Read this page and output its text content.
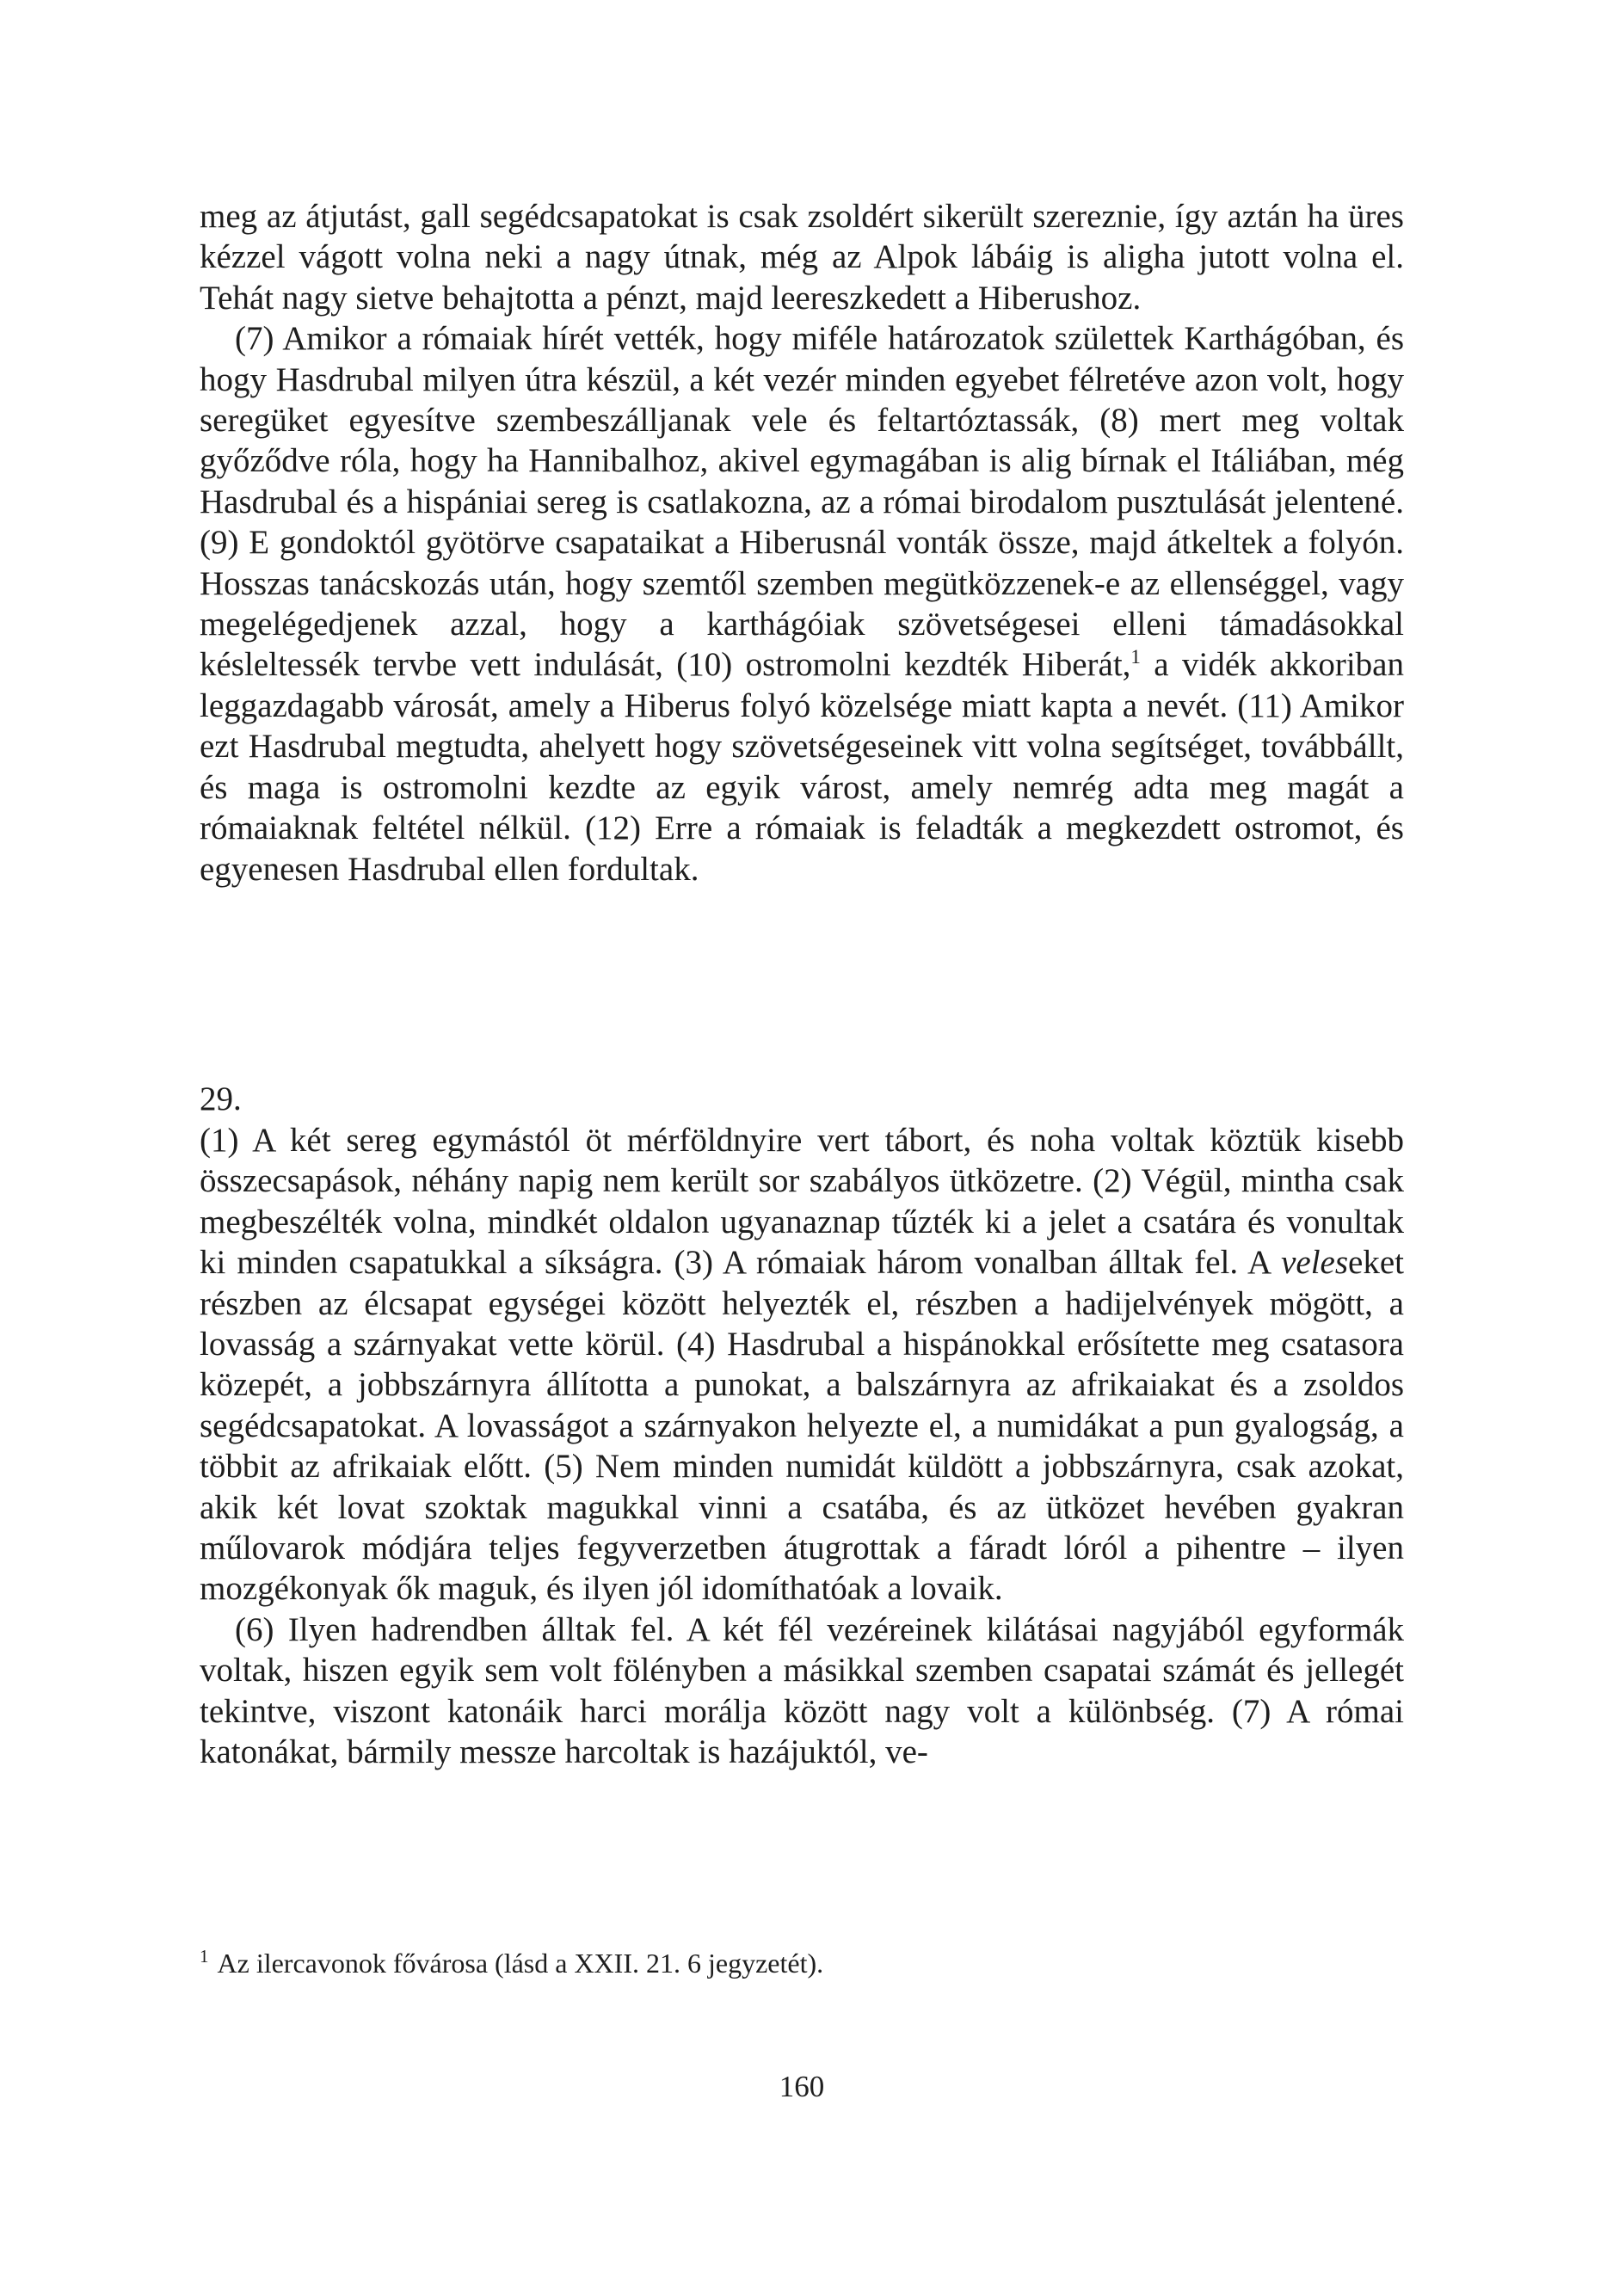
meg az átjutást, gall segédcsapatokat is csak zsoldért sikerült szereznie, így aztán ha üres kézzel vágott volna neki a nagy útnak, még az Alpok lábáig is aligha jutott volna el. Tehát nagy sietve behajtotta a pénzt, majd leereszkedett a Hiberushoz.

(7) Amikor a rómaiak hírét vették, hogy miféle határozatok születtek Karthágóban, és hogy Hasdrubal milyen útra készül, a két vezér minden egyebet félretéve azon volt, hogy seregüket egyesítve szembeszálljanak vele és feltartóztassák, (8) mert meg voltak győződve róla, hogy ha Hannibalhoz, akivel egymagában is alig bírnak el Itáliában, még Hasdrubal és a hispániai sereg is csatlakozna, az a római birodalom pusztulását jelentené. (9) E gondoktól gyötörve csapataikat a Hiberusnál vonták össze, majd átkeltek a folyón. Hosszas tanácskozás után, hogy szemtől szemben megütközzenek-e az ellenséggel, vagy megelégedjenek azzal, hogy a karthágóiak szövetségesei elleni támadásokkal késleltessék tervbe vett indulását, (10) ostromolni kezdték Hiberát,$^1$ a vidék akkoriban leggazdagabb városát, amely a Hiberus folyó közelsége miatt kapta a nevét. (11) Amikor ezt Hasdrubal megtudta, ahelyett hogy szövetségeseinek vitt volna segítséget, továbbállt, és maga is ostromolni kezdte az egyik várost, amely nemrég adta meg magát a rómaiaknak feltétel nélkül. (12) Erre a rómaiak is feladták a megkezdett ostromot, és egyenesen Hasdrubal ellen fordultak.

29.

(1) A két sereg egymástól öt mérföldnyire vert tábort, és noha voltak köztük kisebb összecsapások, néhány napig nem került sor szabályos ütközetre. (2) Végül, mintha csak megbeszélték volna, mindkét oldalon ugyanaznap tűzték ki a jelet a csatára és vonultak ki minden csapatukkal a síkságra. (3) A rómaiak három vonalban álltak fel. A veleseket részben az élcsapat egységei között helyezték el, részben a hadijelvények mögött, a lovasság a szárnyakat vette körül. (4) Hasdrubal a hispánokkal erősítette meg csatasora közepét, a jobbszárnyra állította a punokat, a balszárnyra az afrikaiakat és a zsoldos segédcsapatokat. A lovasságot a szárnyakon helyezte el, a numidákat a pun gyalogság, a többit az afrikaiak előtt. (5) Nem minden numidát küldött a jobbszárnyra, csak azokat, akik két lovat szoktak magukkal vinni a csatába, és az ütközet hevében gyakran műlovarok módjára teljes fegyverzetben átugrottak a fáradt lóról a pihentre – ilyen mozgékonyak ők maguk, és ilyen jól idomíthatóak a lovaik.

(6) Ilyen hadrendben álltak fel. A két fél vezéreinek kilátásai nagyjából egyformák voltak, hiszen egyik sem volt fölényben a másikkal szemben csapatai számát és jellegét tekintve, viszont katonáik harci morálja között nagy volt a különbség. (7) A római katonákat, bármily messze harcoltak is hazájuktól, ve-

$^1$ Az ilercavonok fővárosa (lásd a XXII. 21. 6 jegyzetét).
160
